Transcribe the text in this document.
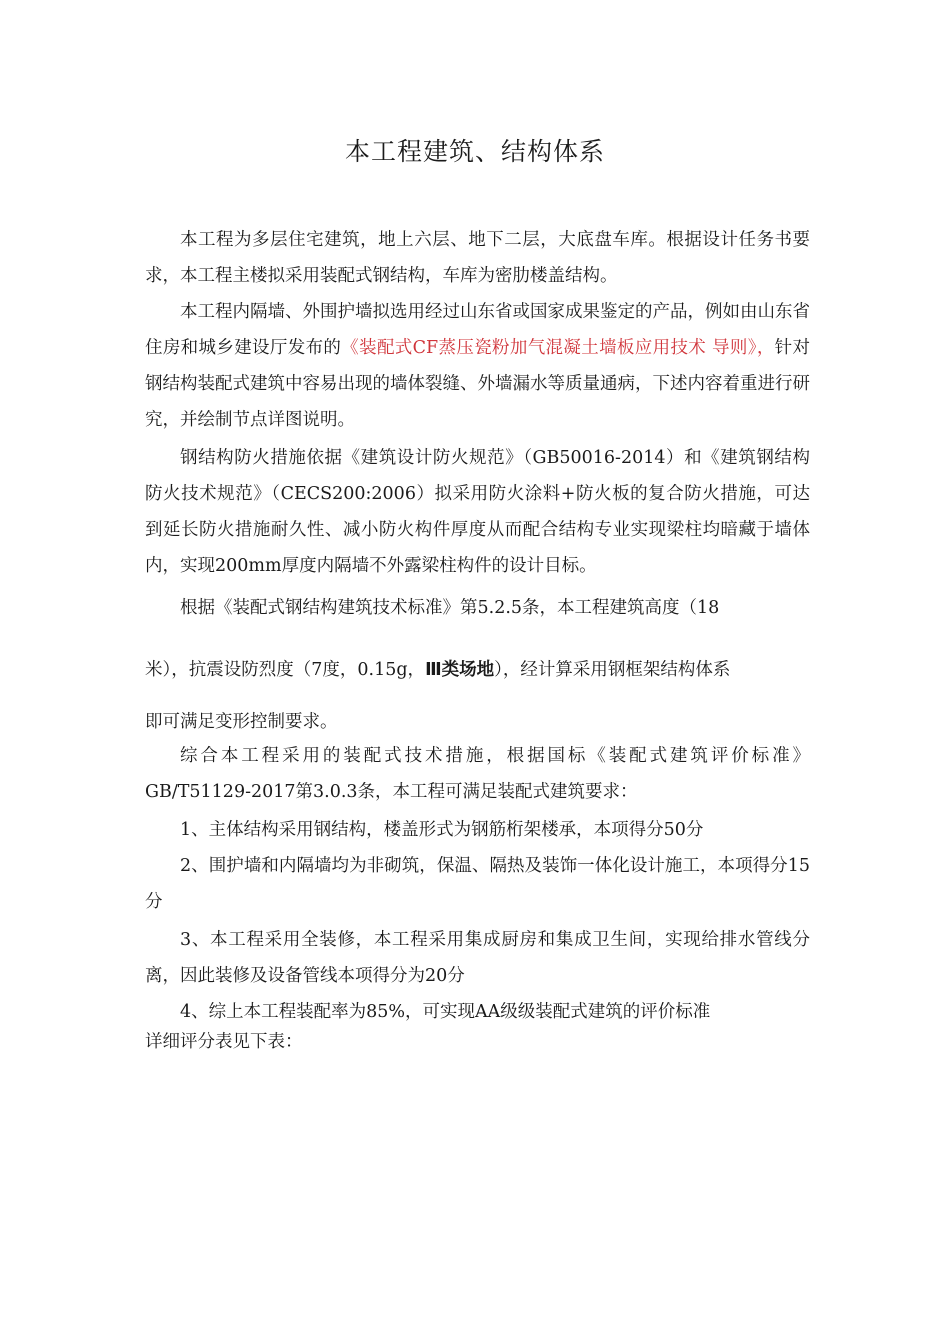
本工程建筑、结构体系

本工程为多层住宅建筑，地上六层、地下二层，大底盘车库。根据设计任务书要求，本工程主楼拟采用装配式钢结构，车库为密肋楼盖结构。

本工程内隔墙、外围护墙拟选用经过山东省或国家成果鉴定的产品，例如由山东省住房和城乡建设厅发布的《装配式CF蒸压瓷粉加气混凝土墙板应用技术 导则》，针对钢结构装配式建筑中容易出现的墙体裂缝、外墙漏水等质量通病，下述内容着重进行研究，并绘制节点详图说明。

钢结构防火措施依据《建筑设计防火规范》（GB50016-2014）和《建筑钢结构防火技术规范》（CECS200:2006）拟采用防火涂料+防火板的复合防火措施，可达到延长防火措施耐久性、减小防火构件厚度从而配合结构专业实现梁柱均暗藏于墙体内，实现200mm厚度内隔墙不外露梁柱构件的设计目标。

根据《装配式钢结构建筑技术标准》第5.2.5条，本工程建筑高度（18
米），抗震设防烈度（7度，0.15g，Ⅲ类场地），经计算采用钢框架结构体系
即可满足变形控制要求。

综合本工程采用的装配式技术措施，根据国标《装配式建筑评价标准》GB/T51129-2017第3.0.3条，本工程可满足装配式建筑要求：

1、主体结构采用钢结构，楼盖形式为钢筋桁架楼承，本项得分50分

2、围护墙和内隔墙均为非砌筑，保温、隔热及装饰一体化设计施工，本项得分15分

3、本工程采用全装修，本工程采用集成厨房和集成卫生间，实现给排水管线分离，因此装修及设备管线本项得分为20分

4、综上本工程装配率为85%，可实现AA级级装配式建筑的评价标准
详细评分表见下表：
